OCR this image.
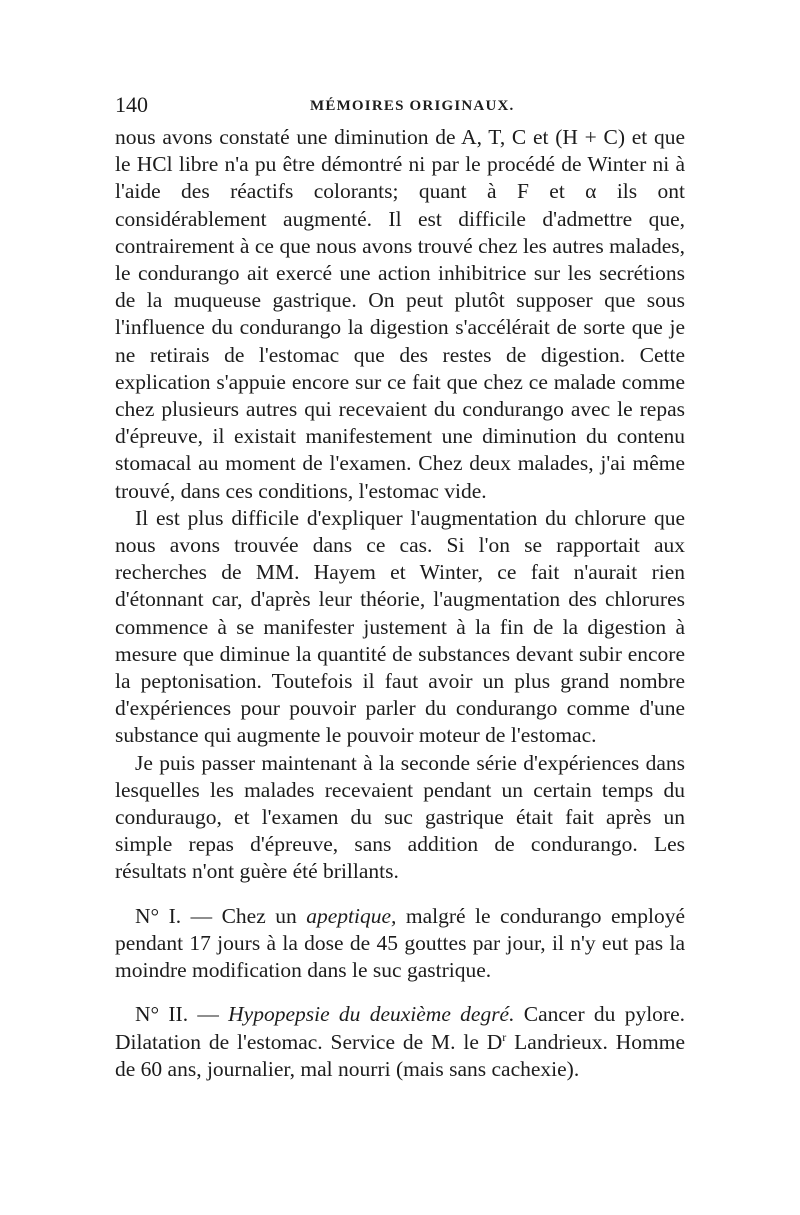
140	MÉMOIRES ORIGINAUX.

nous avons constaté une diminution de A, T, C et (H + C) et que le HCl libre n'a pu être démontré ni par le procédé de Winter ni à l'aide des réactifs colorants; quant à F et α ils ont considérablement augmenté. Il est difficile d'admettre que, contrairement à ce que nous avons trouvé chez les autres malades, le condurango ait exercé une action inhibitrice sur les secrétions de la muqueuse gastrique. On peut plutôt supposer que sous l'influence du condurango la digestion s'accélérait de sorte que je ne retirais de l'estomac que des restes de digestion. Cette explication s'appuie encore sur ce fait que chez ce malade comme chez plusieurs autres qui recevaient du condurango avec le repas d'épreuve, il existait manifestement une diminution du contenu stomacal au moment de l'examen. Chez deux malades, j'ai même trouvé, dans ces conditions, l'estomac vide.

Il est plus difficile d'expliquer l'augmentation du chlorure que nous avons trouvée dans ce cas. Si l'on se rapportait aux recherches de MM. Hayem et Winter, ce fait n'aurait rien d'étonnant car, d'après leur théorie, l'augmentation des chlorures commence à se manifester justement à la fin de la digestion à mesure que diminue la quantité de substances devant subir encore la peptonisation. Toutefois il faut avoir un plus grand nombre d'expériences pour pouvoir parler du condurango comme d'une substance qui augmente le pouvoir moteur de l'estomac.

Je puis passer maintenant à la seconde série d'expériences dans lesquelles les malades recevaient pendant un certain temps du conduraugo, et l'examen du suc gastrique était fait après un simple repas d'épreuve, sans addition de condurango. Les résultats n'ont guère été brillants.

N° I. — Chez un apeptique, malgré le condurango employé pendant 17 jours à la dose de 45 gouttes par jour, il n'y eut pas la moindre modification dans le suc gastrique.

N° II. — Hypopepsie du deuxième degré. Cancer du pylore. Dilatation de l'estomac. Service de M. le $D^r$ Landrieux. Homme de 60 ans, journalier, mal nourri (mais sans cachexie).
